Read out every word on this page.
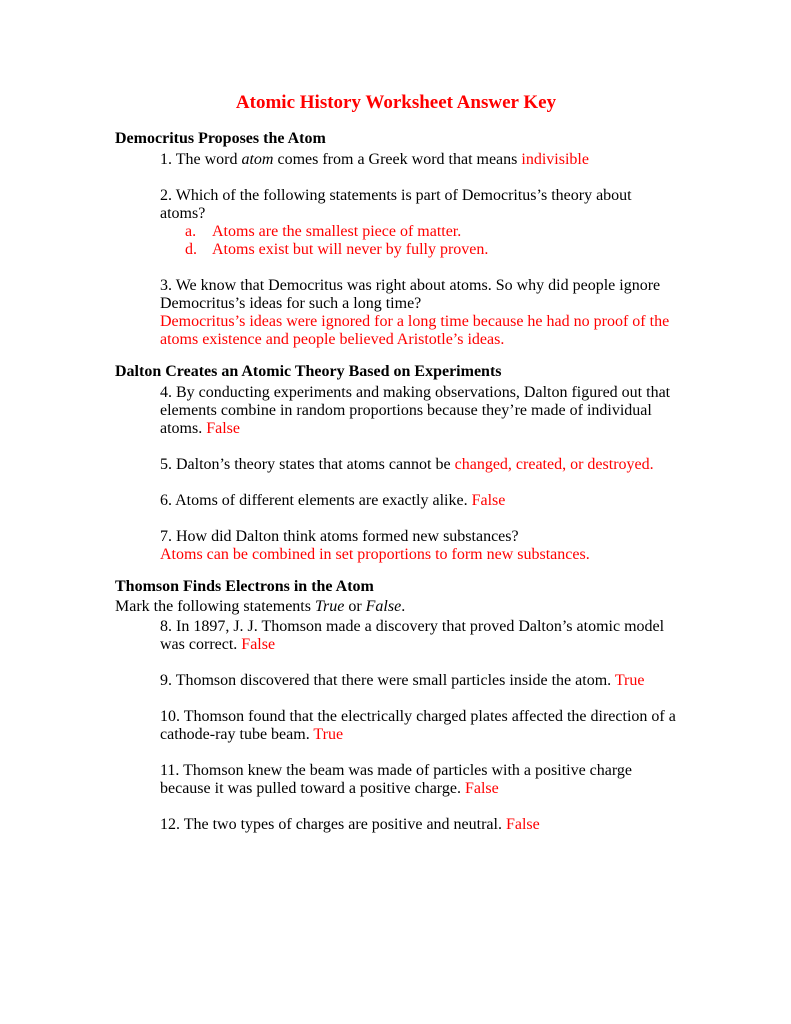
Atomic History Worksheet Answer Key
Democritus Proposes the Atom

1. The word atom comes from a Greek word that means indivisible

2. Which of the following statements is part of Democritus’s theory about atoms?
a. Atoms are the smallest piece of matter.
d. Atoms exist but will never by fully proven.

3. We know that Democritus was right about atoms. So why did people ignore Democritus’s ideas for such a long time?
Democritus’s ideas were ignored for a long time because he had no proof of the atoms existence and people believed Aristotle’s ideas.

Dalton Creates an Atomic Theory Based on Experiments

4. By conducting experiments and making observations, Dalton figured out that elements combine in random proportions because they’re made of individual atoms. False

5. Dalton’s theory states that atoms cannot be changed, created, or destroyed.

6. Atoms of different elements are exactly alike. False

7. How did Dalton think atoms formed new substances?
Atoms can be combined in set proportions to form new substances.

Thomson Finds Electrons in the Atom

Mark the following statements True or False.

8. In 1897, J. J. Thomson made a discovery that proved Dalton’s atomic model was correct. False

9. Thomson discovered that there were small particles inside the atom. True

10. Thomson found that the electrically charged plates affected the direction of a cathode-ray tube beam. True

11. Thomson knew the beam was made of particles with a positive charge because it was pulled toward a positive charge. False

12. The two types of charges are positive and neutral. False
